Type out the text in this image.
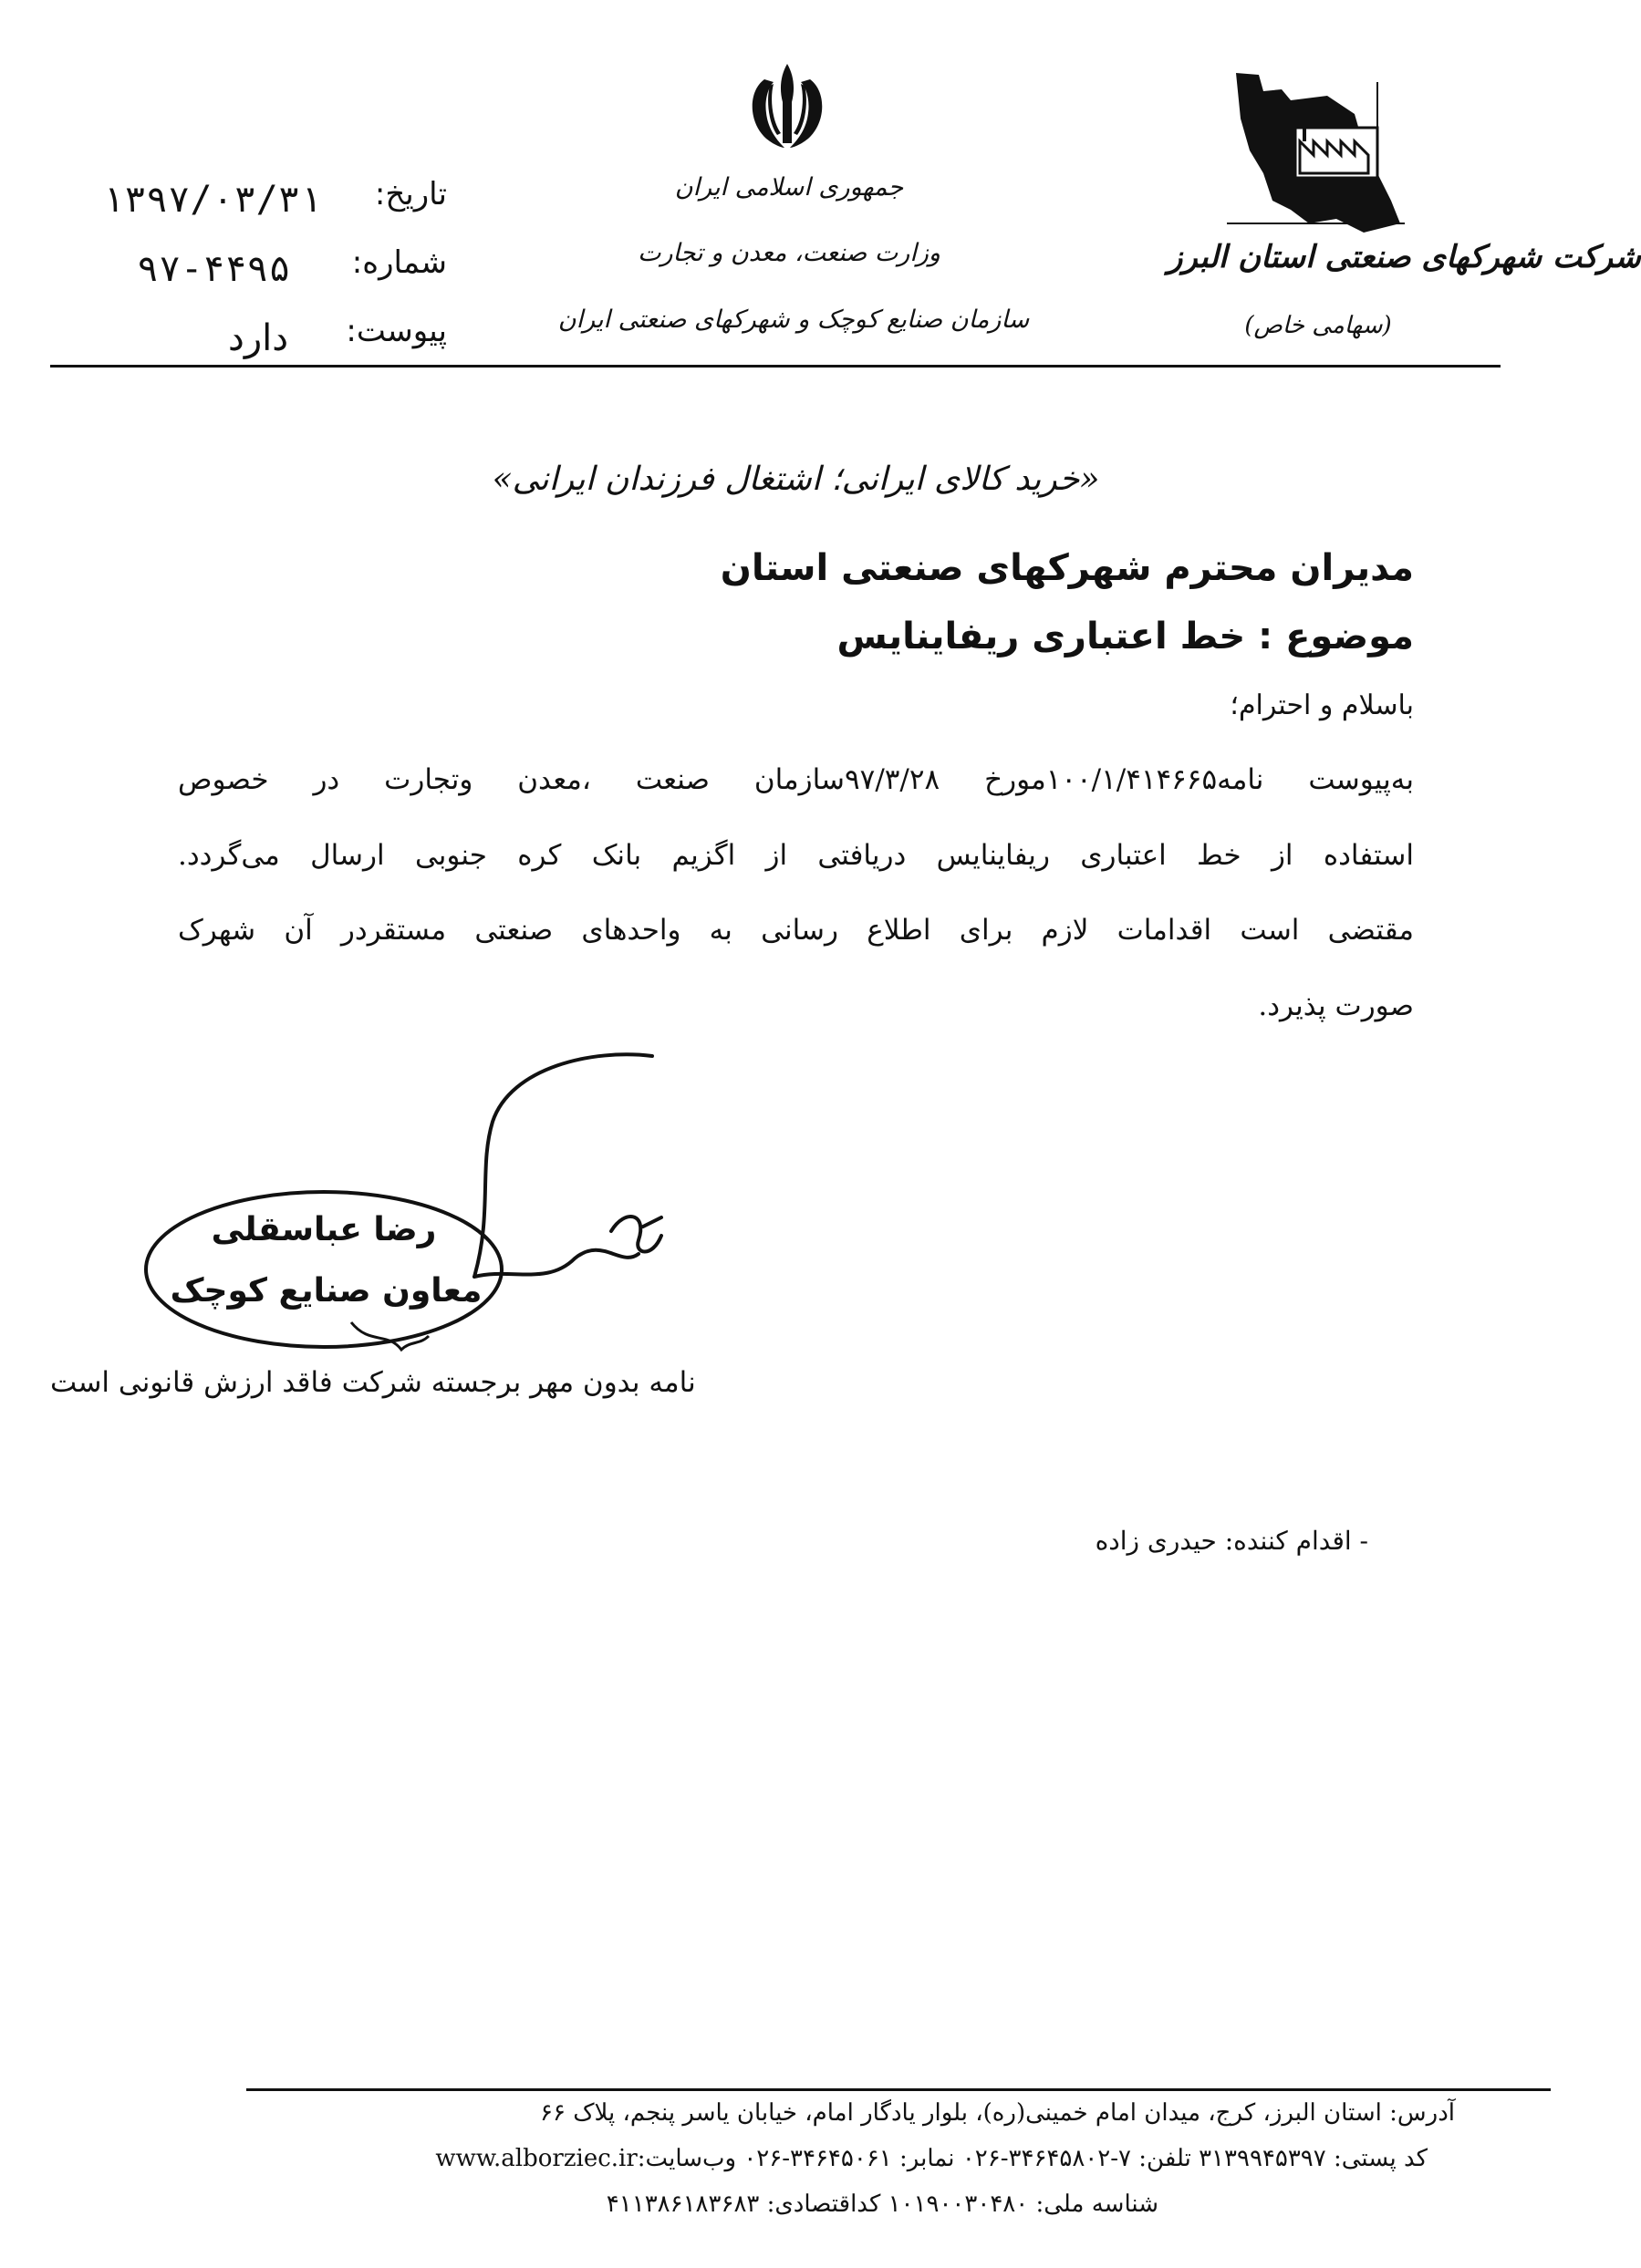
شرکت شهرکهای صنعتی استان البرز
(سهامی خاص)
جمهوری اسلامی ایران
وزارت صنعت، معدن و تجارت
سازمان صنایع کوچک و شهرکهای صنعتی ایران
تاریخ:
۱۳۹۷/۰۳/۳۱
شماره:
۹۷-۴۴۹۵
پیوست:
دارد
«خرید کالای ایرانی؛ اشتغال فرزندان ایرانی»
مدیران محترم شهرکهای صنعتی استان
موضوع : خط اعتباری ریفاینایس
باسلام و احترام؛
به‌پیوست نامه۱۰۰/۱/۴۱۴۶۶۵مورخ ۹۷/۳/۲۸سازمان صنعت ،معدن وتجارت در خصوص
استفاده از خط اعتباری ریفاینایس دریافتی از اگزیم بانک کره جنوبی ارسال می‌گردد.
مقتضی است اقدامات لازم برای اطلاع رسانی به واحدهای صنعتی مستقردر آن شهرک
صورت پذیرد.
رضا عباسقلی
معاون صنایع کوچک
نامه بدون مهر برجسته شرکت فاقد ارزش قانونی است
- اقدام کننده: حیدری زاده
آدرس: استان البرز، کرج، میدان امام خمینی(ره)، بلوار یادگار امام، خیابان یاسر پنجم، پلاک ۶۶
کد پستی: ۳۱۳۹۹۴۵۳۹۷ تلفن: ۷-۳۴۶۴۵۸۰۲-۰۲۶ نمابر: ۳۴۶۴۵۰۶۱-۰۲۶ وب‌سایت:www.alborziec.ir
شناسه ملی: ۱۰۱۹۰۰۳۰۴۸۰ کداقتصادی: ۴۱۱۳۸۶۱۸۳۶۸۳
